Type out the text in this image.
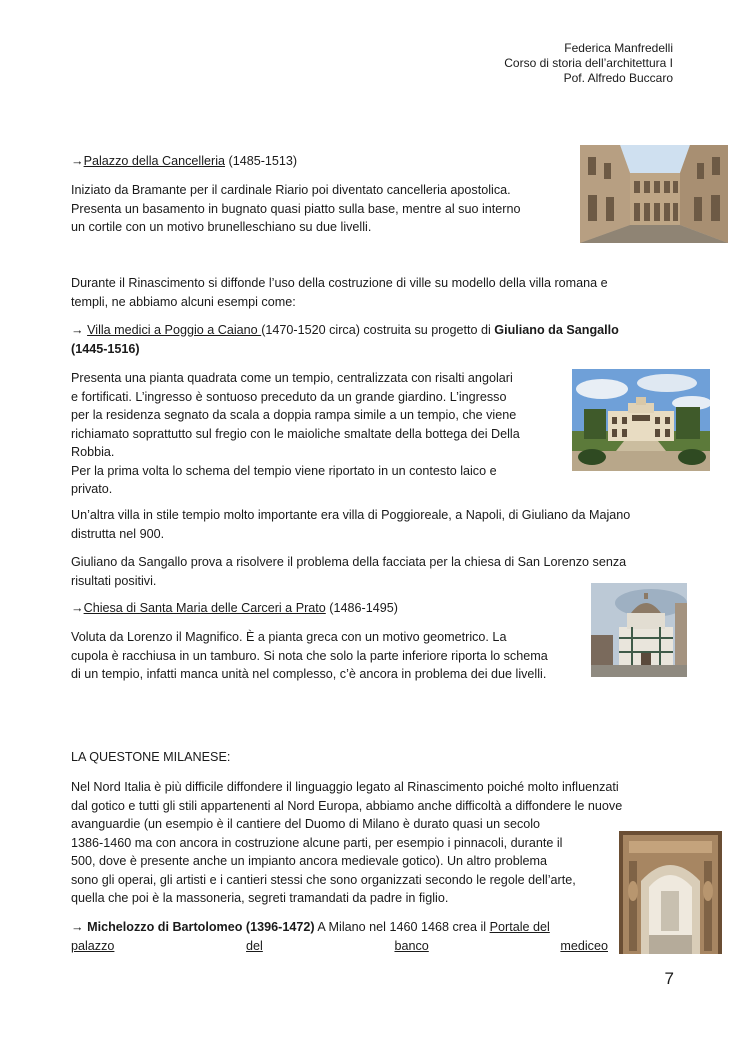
Federica Manfredelli
Corso di storia dell’architettura I
Pof. Alfredo Buccaro
→Palazzo della Cancelleria (1485-1513)
Iniziato da Bramante per il cardinale Riario poi diventato cancelleria apostolica.
Presenta un basamento in bugnato quasi piatto sulla base, mentre al suo interno
un cortile con un motivo brunelleschiano su due livelli.
Durante il Rinascimento si diffonde l’uso della costruzione di ville su modello della villa romana e
templi, ne abbiamo alcuni esempi come:
→ Villa medici a Poggio a Caiano (1470-1520 circa) costruita su progetto di Giuliano da Sangallo
(1445-1516)
Presenta una pianta quadrata come un tempio, centralizzata con risalti angolari
e fortificati. L’ingresso è sontuoso preceduto da un grande giardino. L’ingresso
per la residenza segnato da scala a doppia rampa simile a un tempio, che viene
richiamato soprattutto sul fregio con le maioliche smaltate della bottega dei Della
Robbia.
Per la prima volta lo schema del tempio viene riportato in un contesto laico e
privato.
Un’altra villa in stile tempio molto importante era villa di Poggioreale, a Napoli, di Giuliano da Majano
distrutta nel 900.
Giuliano da Sangallo prova a risolvere il problema della facciata per la chiesa di San Lorenzo senza
risultati positivi.
→Chiesa di Santa Maria delle Carceri a Prato (1486-1495)
Voluta da Lorenzo il Magnifico. È a pianta greca con un motivo geometrico. La
cupola è racchiusa in un tamburo. Si nota che solo la parte inferiore riporta lo schema
di un tempio, infatti manca unità nel complesso, c’è ancora in problema dei due livelli.
LA QUESTONE MILANESE:
Nel Nord Italia è più difficile diffondere il linguaggio legato al Rinascimento poiché molto influenzati
dal gotico e tutti gli stili appartenenti al Nord Europa, abbiamo anche difficoltà a diffondere le nuove
avanguardie (un esempio è il cantiere del Duomo di Milano è durato quasi un secolo
1386-1460 ma con ancora in costruzione alcune parti, per esempio i pinnacoli, durante il
500, dove è presente anche un impianto ancora medievale gotico). Un altro problema
sono gli operai, gli artisti e i cantieri stessi che sono organizzati secondo le regole dell’arte,
quella che poi è la massoneria, segreti tramandati da padre in figlio.
→ Michelozzo di Bartolomeo (1396-1472) A Milano nel 1460 1468 crea il Portale del
palazzo	del	banco	mediceo
7
